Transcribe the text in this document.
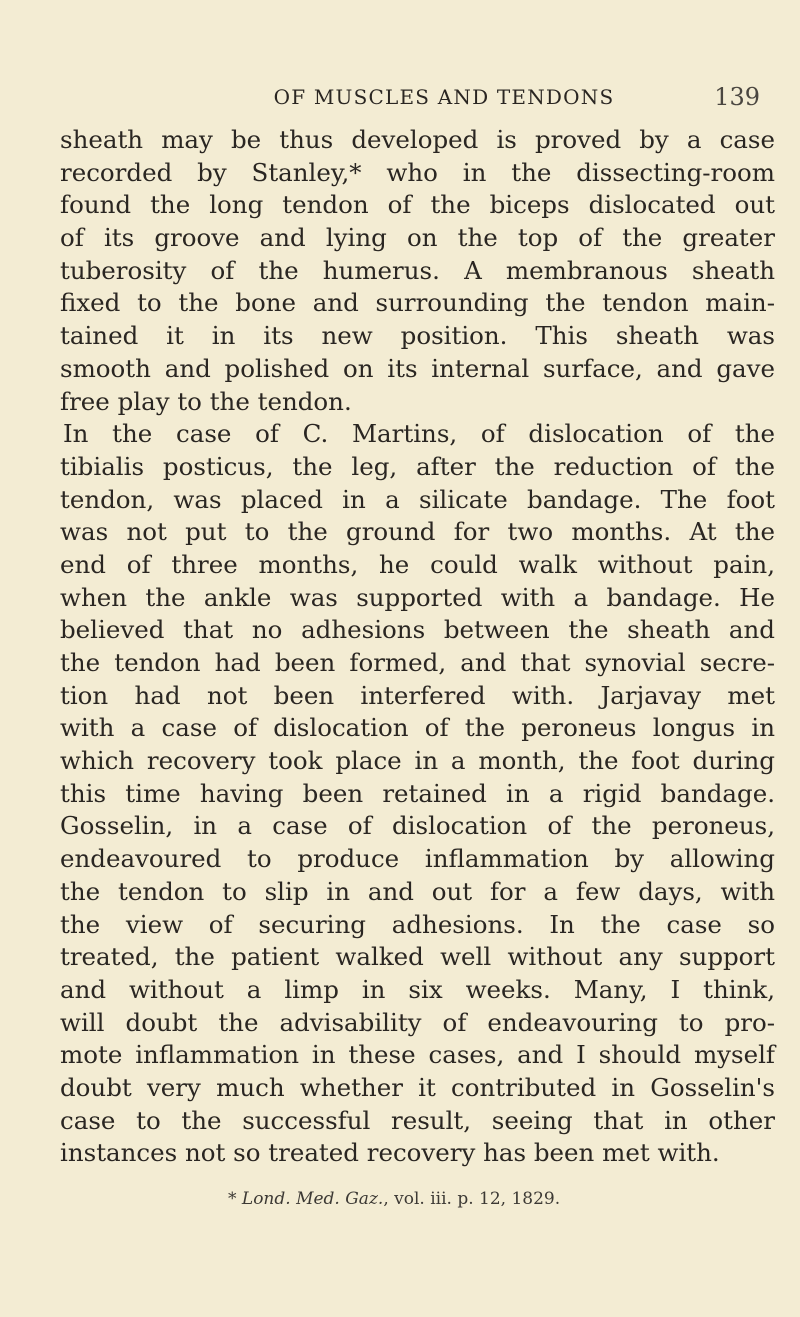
OF MUSCLES AND TENDONS	139
sheath may be thus developed is proved by a case
recorded by Stanley,* who in the dissecting-room
found the long tendon of the biceps dislocated out
of its groove and lying on the top of the greater
tuberosity of the humerus. A membranous sheath
fixed to the bone and surrounding the tendon main-
tained it in its new position. This sheath was
smooth and polished on its internal surface, and gave
free play to the tendon.
In the case of C. Martins, of dislocation of the
tibialis posticus, the leg, after the reduction of the
tendon, was placed in a silicate bandage. The foot
was not put to the ground for two months. At the
end of three months, he could walk without pain,
when the ankle was supported with a bandage. He
believed that no adhesions between the sheath and
the tendon had been formed, and that synovial secre-
tion had not been interfered with. Jarjavay met
with a case of dislocation of the peroneus longus in
which recovery took place in a month, the foot during
this time having been retained in a rigid bandage.
Gosselin, in a case of dislocation of the peroneus,
endeavoured to produce inflammation by allowing
the tendon to slip in and out for a few days, with
the view of securing adhesions. In the case so
treated, the patient walked well without any support
and without a limp in six weeks. Many, I think,
will doubt the advisability of endeavouring to pro-
mote inflammation in these cases, and I should myself
doubt very much whether it contributed in Gosselin's
case to the successful result, seeing that in other
instances not so treated recovery has been met with.
* Lond. Med. Gaz., vol. iii. p. 12, 1829.
